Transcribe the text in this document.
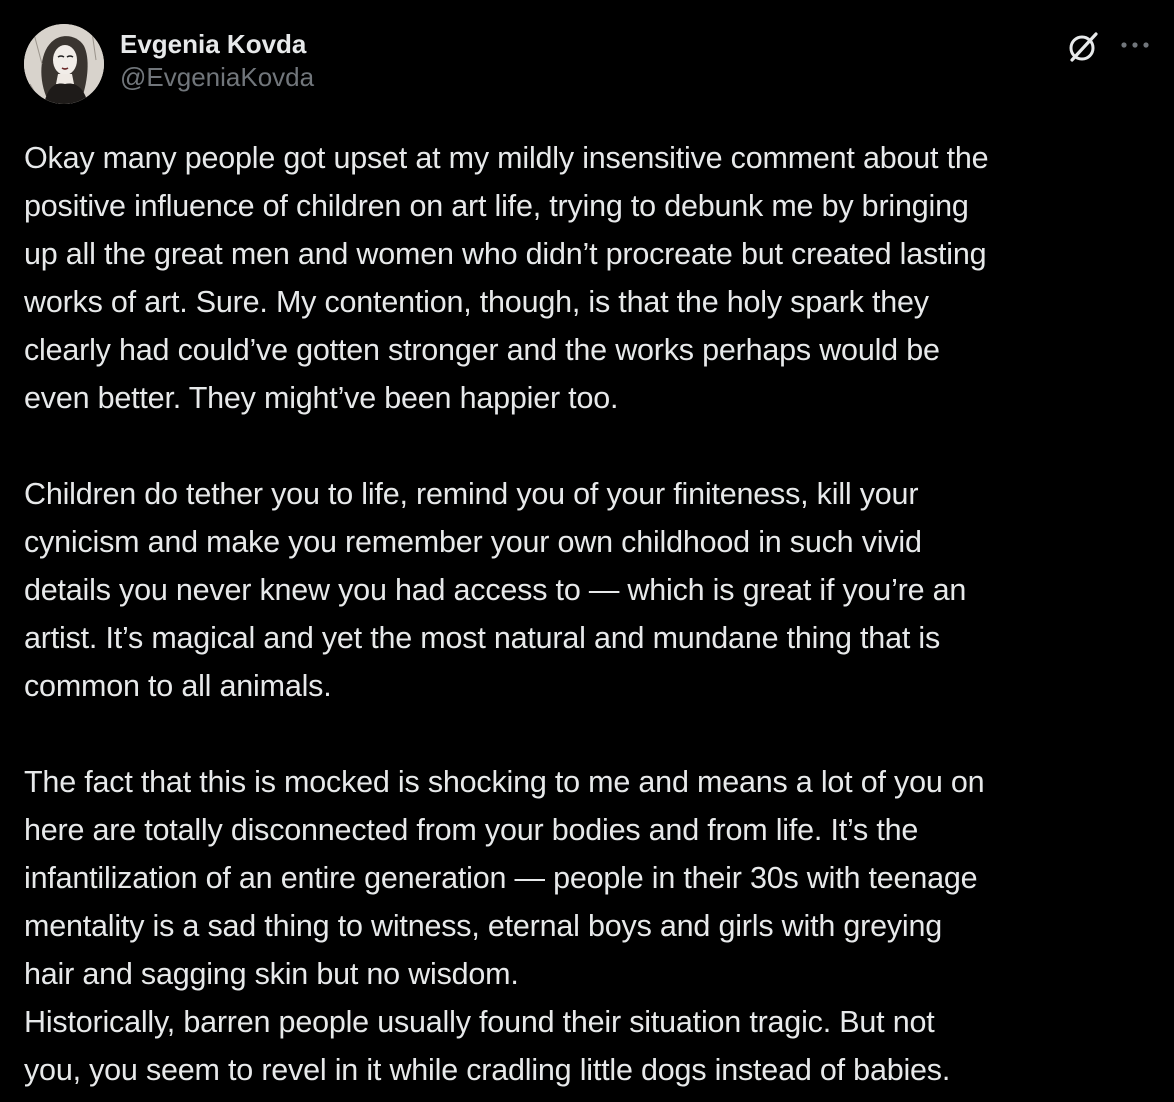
Evgenia Kovda
@EvgeniaKovda

Okay many people got upset at my mildly insensitive comment about the
positive influence of children on art life, trying to debunk me by bringing
up all the great men and women who didn’t procreate but created lasting
works of art. Sure. My contention, though, is that the holy spark they
clearly had could’ve gotten stronger and the works perhaps would be
even better. They might’ve been happier too.

Children do tether you to life, remind you of your finiteness, kill your
cynicism and make you remember your own childhood in such vivid
details you never knew you had access to — which is great if you’re an
artist. It’s magical and yet the most natural and mundane thing that is
common to all animals.

The fact that this is mocked is shocking to me and means a lot of you on
here are totally disconnected from your bodies and from life. It’s the
infantilization of an entire generation — people in their 30s with teenage
mentality is a sad thing to witness, eternal boys and girls with greying
hair and sagging skin but no wisdom.

Historically, barren people usually found their situation tragic. But not
you, you seem to revel in it while cradling little dogs instead of babies.
